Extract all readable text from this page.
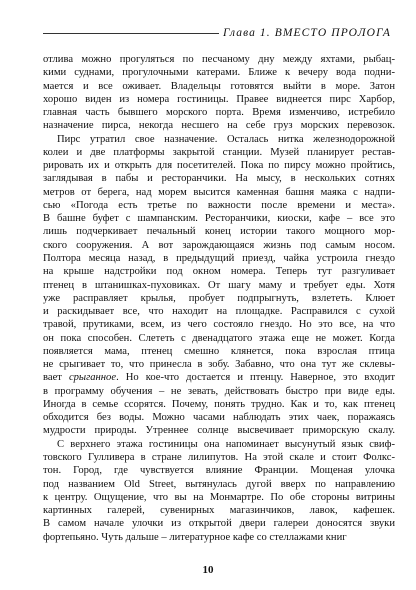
Глава 1. ВМЕСТО ПРОЛОГА
отлива можно прогуляться по песчаному дну между яхтами, рыбац-
кими суднами, прогулочными катерами. Ближе к вечеру вода подни-
мается и все оживает. Владельцы готовятся выйти в море. Затон
хорошо виден из номера гостиницы. Правее виднеется пирс Харбор,
главная часть бывшего морского порта. Время изменчиво, истребило
назначение пирса, некогда несшего на себе груз морских перевозок.
Пирс утратил свое назначение. Осталась нитка железнодорожной
колеи и две платформы закрытой станции. Музей планирует рестав-
рировать их и открыть для посетителей. Пока по пирсу можно пройтись,
заглядывая в пабы и ресторанчики. На мысу, в нескольких сотнях
метров от берега, над морем высится каменная башня маяка с надпи-
сью «Погода есть третье по важности после времени и места».
В башне буфет с шампанским. Ресторанчики, киоски, кафе – все это
лишь подчеркивает печальный конец истории такого мощного мор-
ского сооружения. А вот зарождающаяся жизнь под самым носом.
Полтора месяца назад, в предыдущий приезд, чайка устроила гнездо
на крыше надстройки под окном номера. Теперь тут разгуливает
птенец в штанишках-пуховиках. От шагу маму и требует еды. Хотя
уже расправляет крылья, пробует подпрыгнуть, взлететь. Клюет
и раскидывает все, что находит на площадке. Расправился с сухой
травой, прутиками, всем, из чего состояло гнездо. Но это все, на что
он пока способен. Слететь с двенадцатого этажа еще не может. Когда
появляется мама, птенец смешно клянется, пока взрослая птица
не срыгивает то, что принесла в зобу. Забавно, что она тут же склевы-
вает срыганное. Но кое-что достается и птенцу. Наверное, это входит
в программу обучения – не зевать, действовать быстро при виде еды.
Иногда в семье ссорятся. Почему, понять трудно. Как и то, как птенец
обходится без воды. Можно часами наблюдать этих чаек, поражаясь
мудрости природы. Утреннее солнце высвечивает приморскую скалу.
С верхнего этажа гостиницы она напоминает высунутый язык свиф-
товского Гулливера в стране лилипутов. На этой скале и стоит Фолкс-
тон. Город, где чувствуется влияние Франции. Мощеная улочка
под названием Old Street, вытянулась дугой вверх по направлению
к центру. Ощущение, что вы на Монмартре. По обе стороны витрины
картинных галерей, сувенирных магазинчиков, лавок, кафешек.
В самом начале улочки из открытой двери галереи доносятся звуки
фортепьяно. Чуть дальше – литературное кафе со стеллажами книг
10
